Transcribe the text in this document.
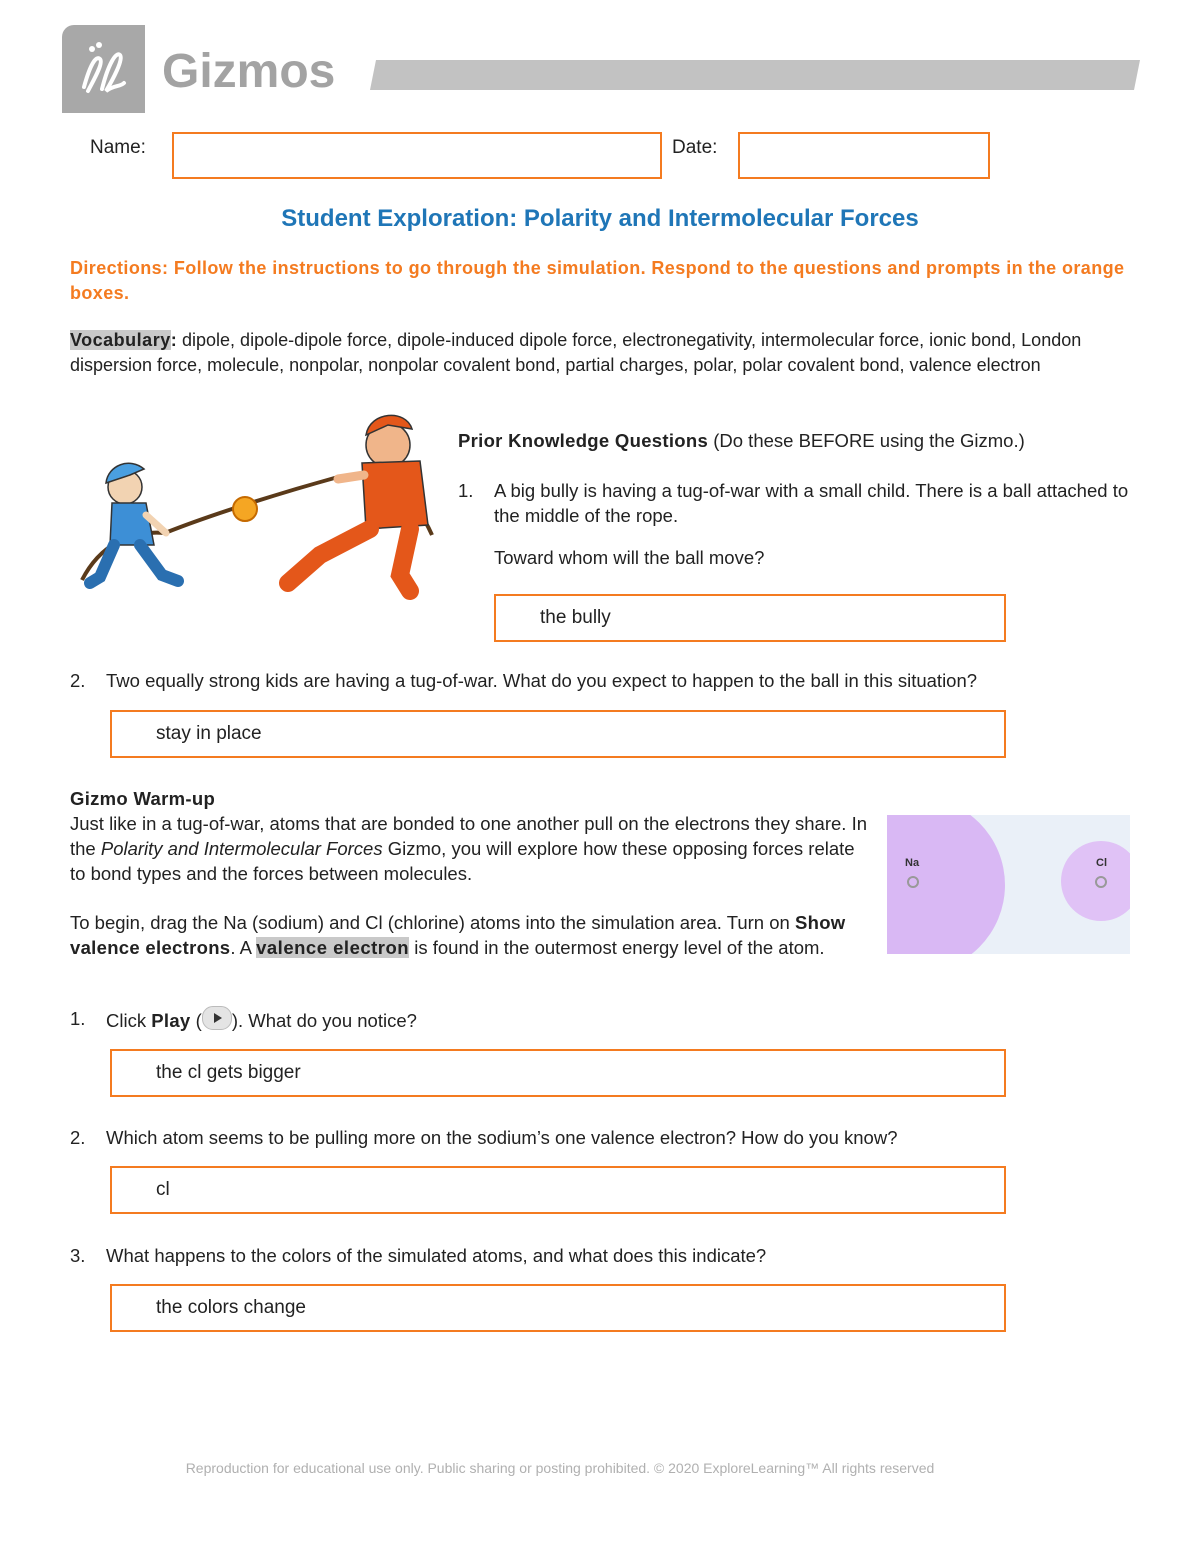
Gizmos
Name:	Date:
Student Exploration: Polarity and Intermolecular Forces
Directions: Follow the instructions to go through the simulation. Respond to the questions and prompts in the orange boxes.
Vocabulary: dipole, dipole-dipole force, dipole-induced dipole force, electronegativity, intermolecular force, ionic bond, London dispersion force, molecule, nonpolar, nonpolar covalent bond, partial charges, polar, polar covalent bond, valence electron
Prior Knowledge Questions (Do these BEFORE using the Gizmo.)
1.	A big bully is having a tug-of-war with a small child. There is a ball attached to the middle of the rope.
Toward whom will the ball move?
the bully
2.	Two equally strong kids are having a tug-of-war. What do you expect to happen to the ball in this situation?
stay in place
Gizmo Warm-up
Just like in a tug-of-war, atoms that are bonded to one another pull on the electrons they share. In the Polarity and Intermolecular Forces Gizmo, you will explore how these opposing forces relate to bond types and the forces between molecules.
To begin, drag the Na (sodium) and Cl (chlorine) atoms into the simulation area. Turn on Show valence electrons. A valence electron is found in the outermost energy level of the atom.
Na	Cl
1.	Click Play ( ). What do you notice?
the cl gets bigger
2.	Which atom seems to be pulling more on the sodium’s one valence electron? How do you know?
cl
3.	What happens to the colors of the simulated atoms, and what does this indicate?
the colors change
Reproduction for educational use only. Public sharing or posting prohibited. © 2020 ExploreLearning™ All rights reserved
